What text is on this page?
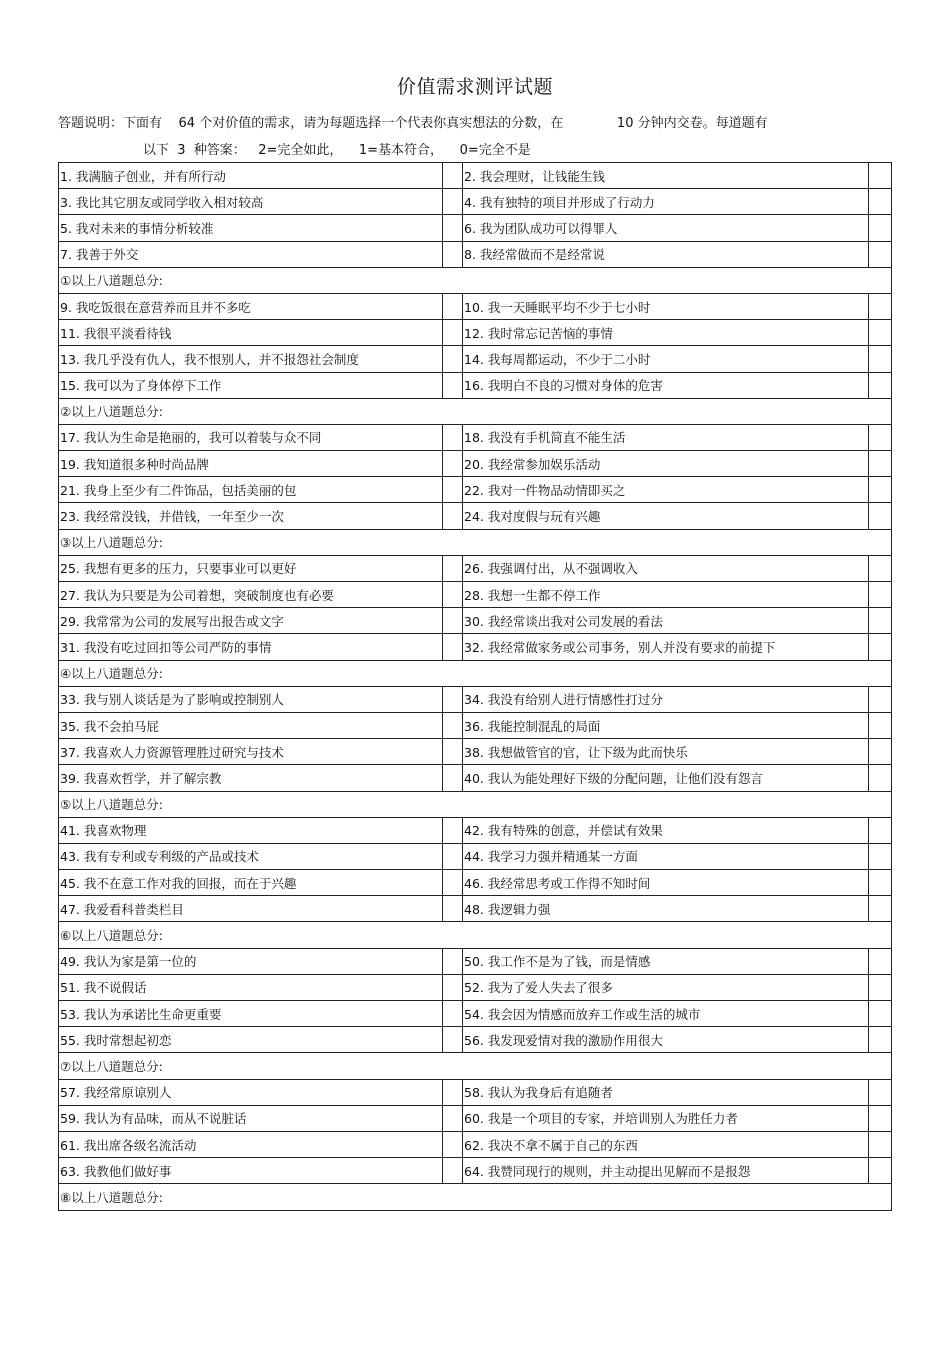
价值需求测评试题
答题说明：下面有    64 个对价值的需求，请为每题选择一个代表你真实想法的分数，在             10 分钟内交卷。每道题有
以下  3  种答案：   2=完全如此，    1=基本符合，    0=完全不是
1. 我满脑子创业，并有所行动		2. 我会理财，让钱能生钱	
3. 我比其它朋友或同学收入相对较高		4. 我有独特的项目并形成了行动力	
5. 我对未来的事情分析较准		6. 我为团队成功可以得罪人	
7. 我善于外交		8. 我经常做而不是经常说	
①以上八道题总分:			
9. 我吃饭很在意营养而且并不多吃		10. 我一天睡眠平均不少于七小时	
11. 我很平淡看待钱		12. 我时常忘记苦恼的事情	
13. 我几乎没有仇人，我不恨别人，并不报怨社会制度		14. 我每周都运动，不少于二小时	
15. 我可以为了身体停下工作		16. 我明白不良的习惯对身体的危害	
②以上八道题总分:			
17. 我认为生命是艳丽的，我可以着装与众不同		18. 我没有手机简直不能生活	
19. 我知道很多种时尚品牌		20. 我经常参加娱乐活动	
21. 我身上至少有二件饰品，包括美丽的包		22. 我对一件物品动情即买之	
23. 我经常没钱，并借钱，一年至少一次		24. 我对度假与玩有兴趣	
③以上八道题总分:			
25. 我想有更多的压力，只要事业可以更好		26. 我强调付出，从不强调收入	
27. 我认为只要是为公司着想，突破制度也有必要		28. 我想一生都不停工作	
29. 我常常为公司的发展写出报告或文字		30. 我经常谈出我对公司发展的看法	
31. 我没有吃过回扣等公司严防的事情		32. 我经常做家务或公司事务，别人并没有要求的前提下	
④以上八道题总分:			
33. 我与别人谈话是为了影响或控制别人		34. 我没有给别人进行情感性打过分	
35. 我不会拍马屁		36. 我能控制混乱的局面	
37. 我喜欢人力资源管理胜过研究与技术		38. 我想做管官的官，让下级为此而快乐	
39. 我喜欢哲学，并了解宗教		40. 我认为能处理好下级的分配问题，让他们没有怨言	
⑤以上八道题总分:			
41. 我喜欢物理		42. 我有特殊的创意，并偿试有效果	
43. 我有专利或专利级的产品或技术		44. 我学习力强并精通某一方面	
45. 我不在意工作对我的回报，而在于兴趣		46. 我经常思考或工作得不知时间	
47. 我爱看科普类栏目		48. 我逻辑力强	
⑥以上八道题总分:			
49. 我认为家是第一位的		50. 我工作不是为了钱，而是情感	
51. 我不说假话		52. 我为了爱人失去了很多	
53. 我认为承诺比生命更重要		54. 我会因为情感而放弃工作或生活的城市	
55. 我时常想起初恋		56. 我发现爱情对我的激励作用很大	
⑦以上八道题总分:			
57. 我经常原谅别人		58. 我认为我身后有追随者	
59. 我认为有品味，而从不说脏话		60. 我是一个项目的专家，并培训别人为胜任力者	
61. 我出席各级名流活动		62. 我决不拿不属于自己的东西	
63. 我教他们做好事		64. 我赞同现行的规则，并主动提出见解而不是报怨	
⑧以上八道题总分:			
